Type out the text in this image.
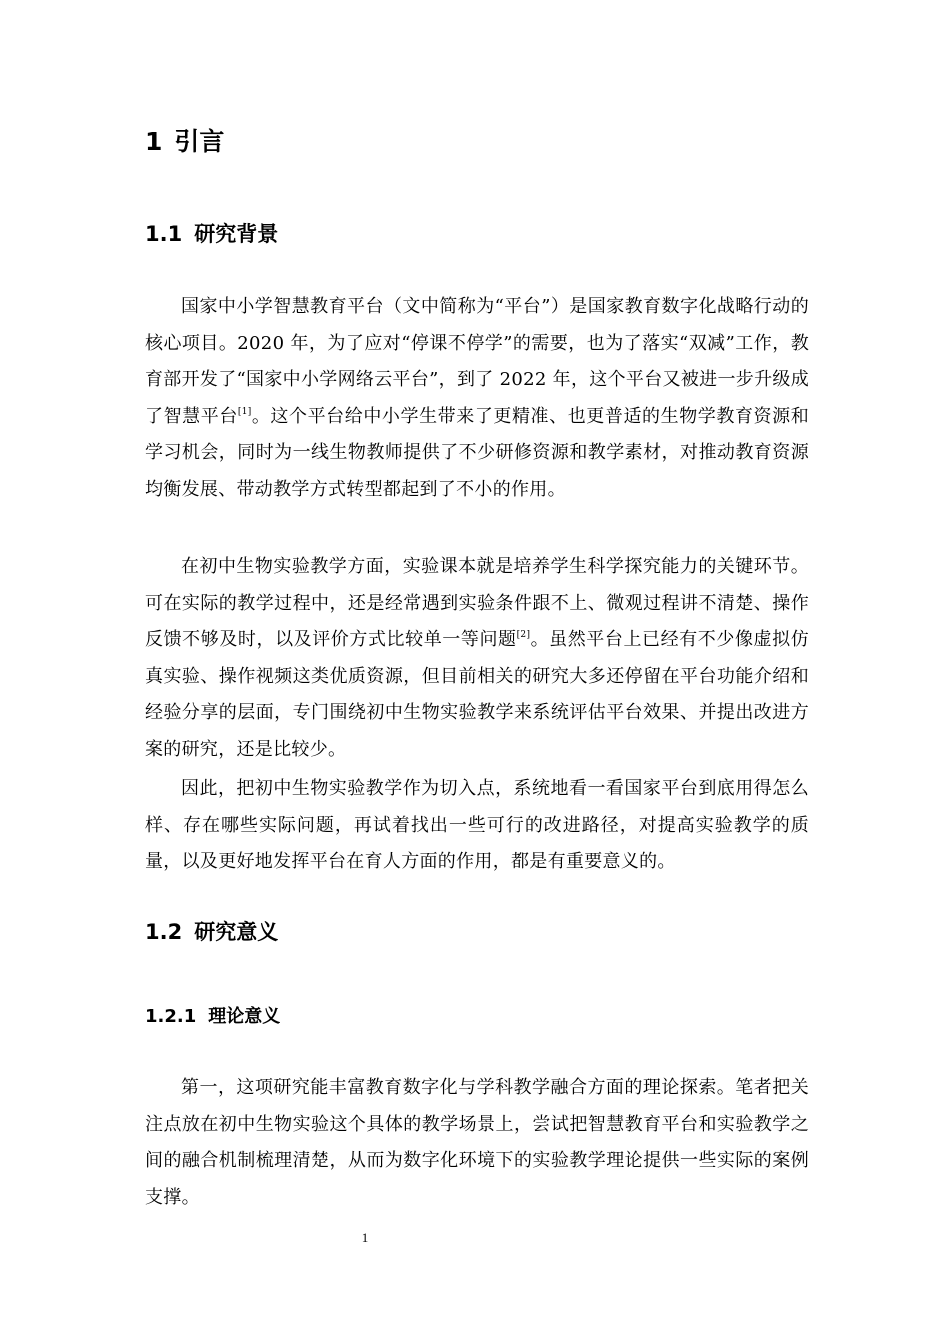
1 引言
1.1 研究背景

国家中小学智慧教育平台（文中简称为“平台”）是国家教育数字化战略行动的核心项目。2020 年，为了应对“停课不停学”的需要，也为了落实“双减”工作，教育部开发了“国家中小学网络云平台”，到了 2022 年，这个平台又被进一步升级成了智慧平台[1]。这个平台给中小学生带来了更精准、也更普适的生物学教育资源和学习机会，同时为一线生物教师提供了不少研修资源和教学素材，对推动教育资源均衡发展、带动教学方式转型都起到了不小的作用。

在初中生物实验教学方面，实验课本就是培养学生科学探究能力的关键环节。可在实际的教学过程中，还是经常遇到实验条件跟不上、微观过程讲不清楚、操作反馈不够及时，以及评价方式比较单一等问题[2]。虽然平台上已经有不少像虚拟仿真实验、操作视频这类优质资源，但目前相关的研究大多还停留在平台功能介绍和经验分享的层面，专门围绕初中生物实验教学来系统评估平台效果、并提出改进方案的研究，还是比较少。

因此，把初中生物实验教学作为切入点，系统地看一看国家平台到底用得怎么样、存在哪些实际问题，再试着找出一些可行的改进路径，对提高实验教学的质量，以及更好地发挥平台在育人方面的作用，都是有重要意义的。

1.2 研究意义
1.2.1 理论意义

第一，这项研究能丰富教育数字化与学科教学融合方面的理论探索。笔者把关注点放在初中生物实验这个具体的教学场景上，尝试把智慧教育平台和实验教学之间的融合机制梳理清楚，从而为数字化环境下的实验教学理论提供一些实际的案例支撑。

1
